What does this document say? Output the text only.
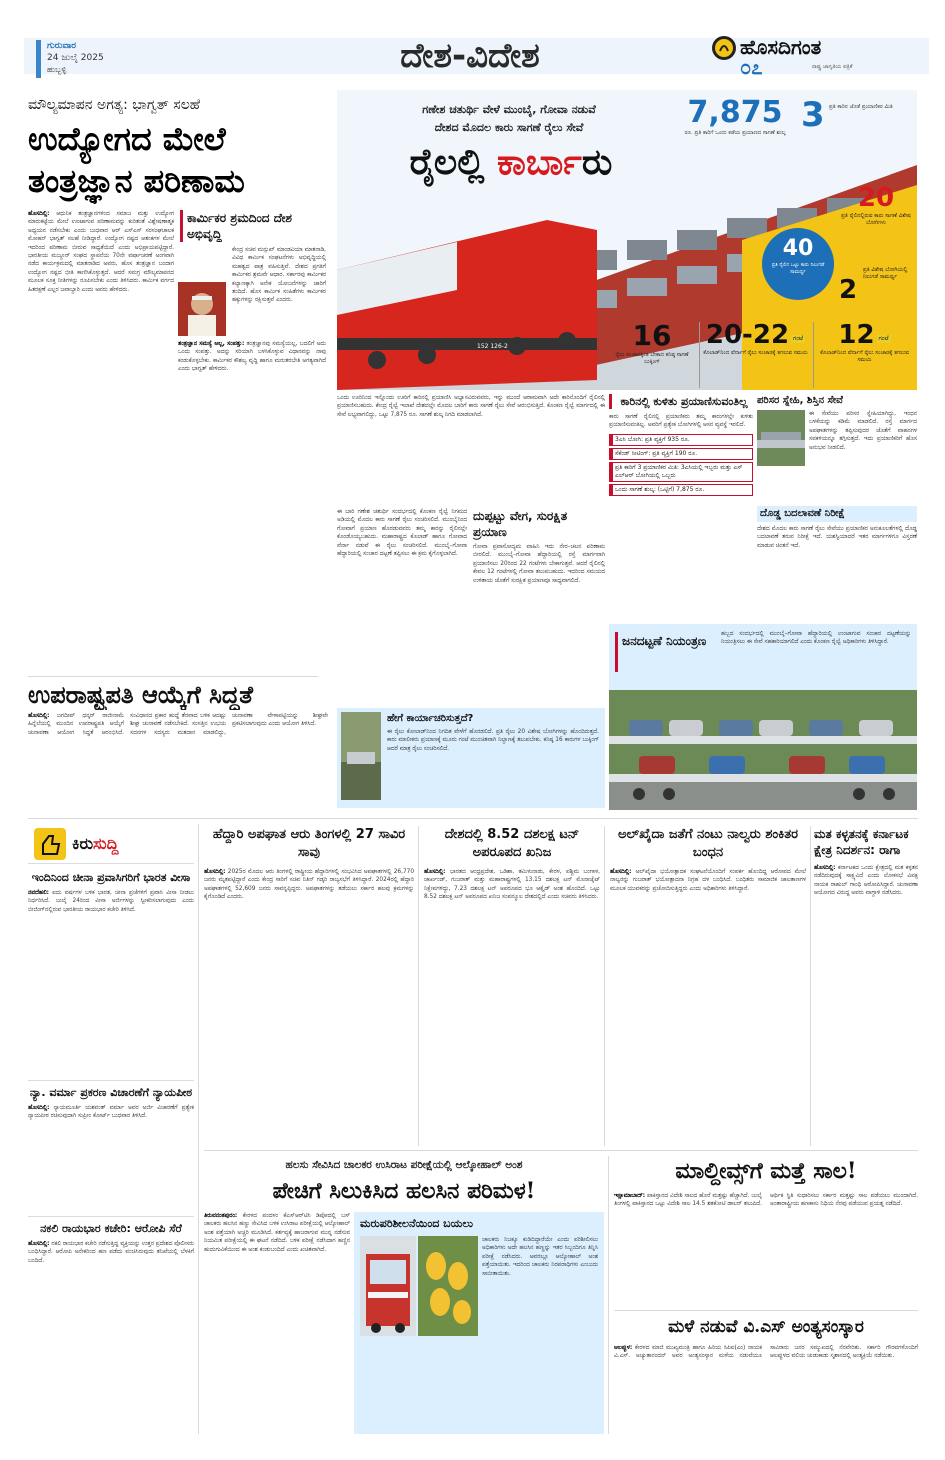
ಗುರುವಾರ
24 ಜುಲೈ 2025
ಹುಬ್ಬಳ್ಳಿ	ದೇಶ-ವಿದೇಶ	ಹೊಸದಿಗಂತ
೦೭	ರಾಷ್ಟ್ರ ಜಾಗೃತಿಯ ಪತ್ರಿಕೆ
ಮೌಲ್ಯಮಾಪನ ಅಗತ್ಯ: ಭಾಗ್ವತ್ ಸಲಹೆ
ಉದ್ಯೋಗದ ಮೇಲೆ ತಂತ್ರಜ್ಞಾನ ಪರಿಣಾಮ

ಹೊಸದಿಲ್ಲಿ: ಆಧುನಿಕ ತಂತ್ರಜ್ಞಾನಗಳಿಂದ ಸಮಾಜ ಮತ್ತು ಉದ್ಯೋಗ ಮಾರುಕಟ್ಟೆಯ ಮೇಲೆ ಉಂಟಾಗುವ ಪರಿಣಾಮವನ್ನು ಕುರಿತಂತೆ ವಿಶ್ಲೇಷಣಾತ್ಮಕ ಅಧ್ಯಯನ ನಡೆಸಬೇಕು ಎಂದು ಬುಧವಾರ ಆರ್ ಎಸ್ಎಸ್ ಸರಸಂಘಚಾಲಕ ಮೋಹನ್ ಭಾಗ್ವತ್ ಸಲಹೆ ನೀಡಿದ್ದಾರೆ. ಉದ್ಯೋಗ ನಷ್ಟದ ಆತಂಕಗಳ ಮೇಲೆ ಇದರಿಂದ ಪರಿಣಾಮ ಬೀರುವ ಸಾಧ್ಯತೆಯಿದೆ ಎಂದು ಅಭಿಪ್ರಾಯಪಟ್ಟಿದ್ದಾರೆ. ಭಾರತೀಯ ಮಜ್ದೂರ್ ಸಂಘದ ಸ್ಥಾಪನೆಯ 70ನೇ ವರ್ಷಾಚರಣೆ ಅಂಗವಾಗಿ ನಡೆದ ಕಾರ್ಯಕ್ರಮದಲ್ಲಿ ಮಾತನಾಡಿದ ಅವರು, ಹೊಸ ತಂತ್ರಜ್ಞಾನ ಬಂದಾಗ ಉದ್ಯೋಗ ನಷ್ಟದ ಭೀತಿ ಕಾಣಿಸಿಕೊಳ್ಳುತ್ತದೆ. ಆದರೆ ಸಮಗ್ರ ಮೌಲ್ಯಮಾಪನದ ಮೂಲಕ ಸೂಕ್ತ ನೀತಿಗಳನ್ನು ರೂಪಿಸಬೇಕು ಎಂದು ತಿಳಿಸಿದರು. ಕಾರ್ಮಿಕ ವರ್ಗದ ಹಿತರಕ್ಷಣೆ ಎಲ್ಲರ ಜವಾಬ್ದಾರಿ ಎಂದು ಅವರು ಹೇಳಿದರು.

ಕಾರ್ಮಿಕರ ಶ್ರಮದಿಂದ ದೇಶ ಅಭಿವೃದ್ಧಿ
ಕೇಂದ್ರ ಸಚಿವ ಮನ್ಸುಖ್ ಮಾಂಡವಿಯಾ ಮಾತನಾಡಿ, ವಿವಿಧ ಕಾರ್ಮಿಕ ಸಂಘಟನೆಗಳು ಅಭಿವೃದ್ಧಿಯಲ್ಲಿ ಮಹತ್ವದ ಪಾತ್ರ ವಹಿಸುತ್ತಿವೆ. ದೇಶದ ಪ್ರಗತಿಗೆ ಕಾರ್ಮಿಕರ ಶ್ರಮವೇ ಆಧಾರ. ಸರ್ಕಾರವು ಕಾರ್ಮಿಕರ ಕಲ್ಯಾಣಕ್ಕಾಗಿ ಅನೇಕ ಯೋಜನೆಗಳನ್ನು ಜಾರಿಗೆ ತಂದಿದೆ. ಹೊಸ ಕಾರ್ಮಿಕ ಸಂಹಿತೆಗಳು ಕಾರ್ಮಿಕರ ಹಕ್ಕುಗಳನ್ನು ರಕ್ಷಿಸುತ್ತವೆ ಎಂದರು.

ತಂತ್ರಜ್ಞಾನ ಸಮಸ್ಯೆ ಅಲ್ಲ, ಸಂಪತ್ತು: ತಂತ್ರಜ್ಞಾನವು ಸಮಸ್ಯೆಯಲ್ಲ, ಬದಲಿಗೆ ಅದು ಒಂದು ಸಂಪತ್ತು. ಅದನ್ನು ಸರಿಯಾಗಿ ಬಳಸಿಕೊಳ್ಳುವ ವಿಧಾನವನ್ನು ನಾವು ಕಂಡುಕೊಳ್ಳಬೇಕು. ಕಾರ್ಮಿಕರ ಕೌಶಲ್ಯ ವೃದ್ಧಿ ಹಾಗೂ ಮರುತರಬೇತಿ ಅಗತ್ಯವಾಗಿದೆ ಎಂದು ಭಾಗ್ವತ್ ಹೇಳಿದರು.

152 126-2
ಗಣೇಶ ಚತುರ್ಥಿ ವೇಳೆ ಮುಂಬೈ, ಗೋವಾ ನಡುವೆ
ದೇಶದ ಮೊದಲ ಕಾರು ಸಾಗಣೆ ರೈಲು ಸೇವೆ
ರೈಲಲ್ಲಿ ಕಾರ್ಬಾರು
7,875
ರೂ. ಪ್ರತಿ ಕಾರಿಗೆ ಒಂದು ಕಡೆಯ ಪ್ರಯಾಣದ ಸಾಗಣೆ ಶುಲ್ಕ 3 ಪ್ರತಿ ಕಾರಿನ ಜೊತೆ ಪ್ರಯಾಣಿಕರ ಮಿತಿ
20
ಪ್ರತಿ ರೈಲಿನಲ್ಲಿರುವ ಕಾರು ಸಾಗಣೆ ವಿಶೇಷ ಬೋಗಿಗಳು
40
ಪ್ರತಿ ರೈಲಿನ ಒಟ್ಟು ಕಾರು ನಿಲುಗಡೆ ಸಾಮರ್ಥ್ಯ
2
ಪ್ರತಿ ವಿಶೇಷ ಬೋಗಿಯಲ್ಲಿ ನಿಲುಗಡೆ ಸಾಮರ್ಥ್ಯ
16
ರೈಲು ಸಂಚಾರಕ್ಕಿಂತ ಬೇಕಾದ ಕನಿಷ್ಠ ಸಾಗಣೆ ಬುಕ್ಕಿಂಗ್
20-22 ಗಂಟೆ
ಕೊಲಾಡ್‌ನಿಂದ ವೆರ್ನಾಗೆ ರೈಲು ಸಂಚಾರಕ್ಕೆ ತಗಲುವ ಸಮಯ
12 ಗಂಟೆ
ಕೊಲಾಡ್‌ನಿಂದ ವೆರ್ನಾಗೆ ರೈಲು ಸಂಚಾರಕ್ಕೆ ತಗಲುವ ಸಮಯ
ಒಂದು ಊರಿನಿಂದ ಇನ್ನೊಂದು ಊರಿಗೆ ಕಾರಿನಲ್ಲಿ ಪ್ರಯಾಣಿಸಿ ಅಭ್ಯಾಸವಿರುವವರು, ಇನ್ನು ಮುಂದೆ ಆರಾಮವಾಗಿ ಅದೇ ಕಾರಿನೊಂದಿಗೆ ರೈಲಿನಲ್ಲಿ ಪ್ರಯಾಣಿಸಬಹುದು. ಕೇಂದ್ರ ರೈಲ್ವೆ ಇಲಾಖೆ ದೇಶದಲ್ಲೇ ಮೊದಲ ಬಾರಿಗೆ ಕಾರು ಸಾಗಣೆ ರೈಲು ಸೇವೆ ಆರಂಭಿಸುತ್ತಿದೆ. ಕೊಂಕಣ ರೈಲ್ವೆ ಮಾರ್ಗದಲ್ಲಿ ಈ ಸೇವೆ ಲಭ್ಯವಾಗಲಿದ್ದು, ಒಟ್ಟು 7,875 ರೂ. ಸಾಗಣೆ ಶುಲ್ಕ ನಿಗದಿ ಮಾಡಲಾಗಿದೆ.
ಈ ಬಾರಿ ಗಣೇಶ ಚತುರ್ಥಿ ಸಂದರ್ಭದಲ್ಲಿ ಕೊಂಕಣ ರೈಲ್ವೆ ನಿಗಮದ ಅಡಿಯಲ್ಲಿ ಮೊದಲ ಕಾರು ಸಾಗಣೆ ರೈಲು ಸಂಚರಿಸಲಿದೆ. ಮುಂಬೈನಿಂದ ಗೋವಾಗೆ ಪ್ರಯಾಣ ಹೊರಡುವವರು ತಮ್ಮ ಕಾರನ್ನು ರೈಲಿನಲ್ಲೇ ಕೊಂಡೊಯ್ಯಬಹುದು. ಮಹಾರಾಷ್ಟ್ರದ ಕೊಲಾಡ್ ಹಾಗೂ ಗೋವಾದ ವೆರ್ನಾ ನಡುವೆ ಈ ರೈಲು ಸಂಚರಿಸಲಿದೆ. ಮುಂಬೈ–ಗೋವಾ ಹೆದ್ದಾರಿಯಲ್ಲಿ ಸಂಚಾರ ದಟ್ಟಣೆ ತಪ್ಪಿಸಲು ಈ ಕ್ರಮ ಕೈಗೊಳ್ಳಲಾಗಿದೆ.
ದುಪ್ಪಟ್ಟು ವೇಗ, ಸುರಕ್ಷಿತ ಪ್ರಯಾಣ
ಗೋವಾ ಪ್ರವಾಸೋದ್ಯಮ ವಾಹಿನಿ ಇದು ನೇರ–ಚಲನ ಪರಿಣಾಮ ಬೀರಲಿದೆ. ಮುಂಬೈ–ಗೋವಾ ಹೆದ್ದಾರಿಯಲ್ಲಿ ರಸ್ತೆ ಮಾರ್ಗವಾಗಿ ಪ್ರಯಾಣಿಸಲು 20ರಿಂದ 22 ಗಂಟೆಗಳು ಬೇಕಾಗುತ್ತವೆ. ಆದರೆ ರೈಲಿನಲ್ಲಿ ಕೇವಲ 12 ಗಂಟೆಗಳಲ್ಲಿ ಗೋವಾ ತಲುಪಬಹುದು. ಇದರಿಂದ ಸಮಯದ ಉಳಿತಾಯ ಜೊತೆಗೆ ಸುರಕ್ಷಿತ ಪ್ರಯಾಣವೂ ಸಾಧ್ಯವಾಗಲಿದೆ.
ಹೇಗೆ ಕಾರ್ಯಾಚರಿಸುತ್ತದೆ?
ಈ ರೈಲು ಕೋಲಾಡ್‌ನಿಂದ ನಿಗದಿತ ವೇಳೆಗೆ ಹೊರಡಲಿದೆ. ಪ್ರತಿ ರೈಲು 20 ವಿಶೇಷ ಬೋಗಿಗಳನ್ನು ಹೊಂದಿರುತ್ತದೆ. ಕಾರು ಮಾಲೀಕರು ಪ್ರಯಾಣಕ್ಕೆ ಮೂರು ಗಂಟೆ ಮುಂಚಿತವಾಗಿ ನಿಲ್ದಾಣಕ್ಕೆ ತಲುಪಬೇಕು. ಕನಿಷ್ಠ 16 ಕಾರುಗಳ ಬುಕ್ಕಿಂಗ್ ಆದರೆ ಮಾತ್ರ ರೈಲು ಸಂಚರಿಸಲಿದೆ.
ಕಾರಿನಲ್ಲಿ ಕುಳಿತು ಪ್ರಯಾಣಿಸುವಂತಿಲ್ಲ
ಕಾರು ಸಾಗಣೆ ರೈಲಿನಲ್ಲಿ ಪ್ರಯಾಣಿಕರು ತಮ್ಮ ಕಾರುಗಳಲ್ಲೇ ಕುಳಿತು ಪ್ರಯಾಣಿಸುವಂತಿಲ್ಲ. ಅವರಿಗೆ ಪ್ರತ್ಯೇಕ ಬೋಗಿಗಳಲ್ಲಿ ಆಸನ ವ್ಯವಸ್ಥೆ ಇರಲಿದೆ.
3ಎಸಿ ಬೋಗಿ: ಪ್ರತಿ ವ್ಯಕ್ತಿಗೆ 935 ರೂ.
ಸೆಕೆಂಡ್ ಸೀಟಿಂಗ್: ಪ್ರತಿ ವ್ಯಕ್ತಿಗೆ 190 ರೂ.
ಪ್ರತಿ ಕಾರಿಗೆ 3 ಪ್ರಯಾಣಿಕರ ಮಿತಿ: 3ಎಸಿಯಲ್ಲಿ ಇಬ್ಬರು ಮತ್ತು ಎಸ್ ಎಲ್‌ಆರ್ ಬೋಗಿಯಲ್ಲಿ ಒಬ್ಬರು
ಒಂದು ಸಾಗಣೆ ಶುಲ್ಕ: (ಒಟ್ಟಿಗೆ) 7,875 ರೂ.
ಪರಿಸರ ಸ್ನೇಹಿ, ಶಿಸ್ತಿನ ಸೇವೆ
ಈ ಸೇವೆಯು ಪರಿಸರ ಸ್ನೇಹಿಯಾಗಿದ್ದು, ಇಂಧನ ಬಳಕೆಯನ್ನು ಕಡಿಮೆ ಮಾಡಲಿದೆ. ರಸ್ತೆ ಮಾರ್ಗದ ಅಪಘಾತಗಳನ್ನು ತಪ್ಪಿಸುವುದರ ಜೊತೆಗೆ ವಾಹನಗಳ ಸವಕಳಿಯನ್ನೂ ತಗ್ಗಿಸುತ್ತದೆ. ಇದು ಪ್ರಯಾಣಿಕರಿಗೆ ಹೊಸ ಅನುಭವ ನೀಡಲಿದೆ.
ದೊಡ್ಡ ಬದಲಾವಣೆ ನಿರೀಕ್ಷೆ
ದೇಶದ ಮೊದಲ ಕಾರು ಸಾಗಣೆ ರೈಲು ಸೇವೆಯು ಪ್ರಯಾಣಿಕರ ಅನುಕೂಲತೆಗಳಲ್ಲಿ ದೊಡ್ಡ ಬದಲಾವಣೆ ತರುವ ನಿರೀಕ್ಷೆ ಇದೆ. ಯಶಸ್ವಿಯಾದರೆ ಇತರ ಮಾರ್ಗಗಳಿಗೂ ವಿಸ್ತರಣೆ ಮಾಡುವ ಚಿಂತನೆ ಇದೆ.
ಜನದಟ್ಟಣೆ ನಿಯಂತ್ರಣ	ಹಬ್ಬದ ಸಂದರ್ಭದಲ್ಲಿ ಮುಂಬೈ–ಗೋವಾ ಹೆದ್ದಾರಿಯಲ್ಲಿ ಉಂಟಾಗುವ ಸಂಚಾರ ದಟ್ಟಣೆಯನ್ನು ನಿಯಂತ್ರಿಸಲು ಈ ಸೇವೆ ಸಹಕಾರಿಯಾಗಲಿದೆ ಎಂದು ಕೊಂಕಣ ರೈಲ್ವೆ ಅಧಿಕಾರಿಗಳು ತಿಳಿಸಿದ್ದಾರೆ.
ಉಪರಾಷ್ಟ್ರಪತಿ ಆಯ್ಕೆಗೆ ಸಿದ್ಧತೆ
ಹೊಸದಿಲ್ಲಿ: ಜಗದೀಪ್ ಧನ್ಕರ್ ರಾಜೀನಾಮೆ ಹಿನ್ನೆಲೆಯಲ್ಲಿ ಮುಂದಿನ ಉಪರಾಷ್ಟ್ರಪತಿ ಆಯ್ಕೆಗೆ ಚುನಾವಣಾ ಆಯೋಗ ಸಿದ್ಧತೆ ಆರಂಭಿಸಿದೆ. ಸಂವಿಧಾನದ ಪ್ರಕಾರ ಹುದ್ದೆ ತೆರವಾದ ಬಳಿಕ ಆದಷ್ಟು ಶೀಘ್ರ ಚುನಾವಣೆ ನಡೆಸಬೇಕಿದೆ. ಸಂಸತ್ತಿನ ಉಭಯ ಸದನಗಳ ಸದಸ್ಯರು ಮತದಾನ ಮಾಡಲಿದ್ದು, ಚುನಾವಣಾ ವೇಳಾಪಟ್ಟಿಯನ್ನು ಶೀಘ್ರವೇ ಪ್ರಕಟಿಸಲಾಗುವುದು ಎಂದು ಆಯೋಗ ತಿಳಿಸಿದೆ.
ಕಿರುಸುದ್ದಿ
ಇಂದಿನಿಂದ ಚೀನಾ ಪ್ರವಾಸಿಗರಿಗೆ ಭಾರತ ವೀಸಾ

ನವದೆಹಲಿ: ಐದು ವರ್ಷಗಳ ಬಳಿಕ ಭಾರತ, ಚೀನಾ ಪ್ರಜೆಗಳಿಗೆ ಪ್ರವಾಸಿ ವೀಸಾ ನೀಡಲು ನಿರ್ಧರಿಸಿದೆ. ಜುಲೈ 24ರಿಂದ ವೀಸಾ ಅರ್ಜಿಗಳನ್ನು ಸ್ವೀಕರಿಸಲಾಗುವುದು ಎಂದು ಬೀಜಿಂಗ್‌ನಲ್ಲಿರುವ ಭಾರತೀಯ ರಾಯಭಾರ ಕಚೇರಿ ತಿಳಿಸಿದೆ.

ನ್ಯಾ. ವರ್ಮಾ ಪ್ರಕರಣ ವಿಚಾರಣೆಗೆ ನ್ಯಾಯಪೀಠ

ಹೊಸದಿಲ್ಲಿ: ನ್ಯಾಯಮೂರ್ತಿ ಯಶವಂತ್ ವರ್ಮಾ ಅವರ ಅರ್ಜಿ ವಿಚಾರಣೆಗೆ ಪ್ರತ್ಯೇಕ ನ್ಯಾಯಪೀಠ ರಚಿಸುವುದಾಗಿ ಸುಪ್ರೀಂ ಕೋರ್ಟ್ ಬುಧವಾರ ತಿಳಿಸಿದೆ.

ನಕಲಿ ರಾಯಭಾರ ಕಚೇರಿ: ಆರೋಪಿ ಸೆರೆ

ಹೊಸದಿಲ್ಲಿ: ನಕಲಿ ರಾಯಭಾರ ಕಚೇರಿ ನಡೆಸುತ್ತಿದ್ದ ವ್ಯಕ್ತಿಯನ್ನು ಉತ್ತರ ಪ್ರದೇಶದ ಪೊಲೀಸರು ಬಂಧಿಸಿದ್ದಾರೆ. ಆರೋಪಿ ಅನೇಕರಿಂದ ಹಣ ಪಡೆದು ವಂಚಿಸಿರುವುದು ತನಿಖೆಯಲ್ಲಿ ಬೆಳಕಿಗೆ ಬಂದಿದೆ.

ಹೆದ್ದಾರಿ ಅಪಘಾತ ಆರು ತಿಂಗಳಲ್ಲಿ 27 ಸಾವಿರ ಸಾವು

ಹೊಸದಿಲ್ಲಿ: 2025ರ ಮೊದಲ ಆರು ತಿಂಗಳಲ್ಲಿ ರಾಷ್ಟ್ರೀಯ ಹೆದ್ದಾರಿಗಳಲ್ಲಿ ಸಂಭವಿಸಿದ ಅಪಘಾತಗಳಲ್ಲಿ 26,770 ಜನರು ಮೃತಪಟ್ಟಿದ್ದಾರೆ ಎಂದು ಕೇಂದ್ರ ಸಾರಿಗೆ ಸಚಿವ ನಿತಿನ್ ಗಡ್ಕರಿ ರಾಜ್ಯಸಭೆಗೆ ತಿಳಿಸಿದ್ದಾರೆ. 2024ರಲ್ಲಿ ಹೆದ್ದಾರಿ ಅಪಘಾತಗಳಲ್ಲಿ 52,609 ಜನರು ಸಾವನ್ನಪ್ಪಿದ್ದರು. ಅಪಘಾತಗಳನ್ನು ತಡೆಯಲು ಸರ್ಕಾರ ಹಲವು ಕ್ರಮಗಳನ್ನು ಕೈಗೊಂಡಿದೆ ಎಂದರು.

ದೇಶದಲ್ಲಿ 8.52 ದಶಲಕ್ಷ ಟನ್ ಅಪರೂಪದ ಖನಿಜ

ಹೊಸದಿಲ್ಲಿ: ಭಾರತದ ಆಂಧ್ರಪ್ರದೇಶ, ಒಡಿಶಾ, ತಮಿಳುನಾಡು, ಕೇರಳ, ಪಶ್ಚಿಮ ಬಂಗಾಳ, ಜಾರ್ಖಂಡ್, ಗುಜರಾತ್ ಮತ್ತು ಮಹಾರಾಷ್ಟ್ರಗಳಲ್ಲಿ 13.15 ದಶಲಕ್ಷ ಟನ್ ಮೊನಾಜೈಟ್ ನಿಕ್ಷೇಪಗಳಿದ್ದು, 7.23 ದಶಲಕ್ಷ ಟನ್ ಅಪರೂಪದ ಭೂ ಆಕ್ಸೈಡ್ ಅಂಶ ಹೊಂದಿದೆ. ಒಟ್ಟು 8.52 ದಶಲಕ್ಷ ಟನ್ ಅಪರೂಪದ ಖನಿಜ ಸಂಪನ್ಮೂಲ ದೇಶದಲ್ಲಿದೆ ಎಂದು ಸಚಿವರು ತಿಳಿಸಿದರು.

ಅಲ್‌ಖೈದಾ ಜತೆಗೆ ನಂಟು ನಾಲ್ವರು ಶಂಕಿತರ ಬಂಧನ

ಹೊಸದಿಲ್ಲಿ: ಅಲ್‌ಖೈದಾ ಭಯೋತ್ಪಾದಕ ಸಂಘಟನೆಯೊಂದಿಗೆ ಸಂಪರ್ಕ ಹೊಂದಿದ್ದ ಆರೋಪದ ಮೇಲೆ ನಾಲ್ವರನ್ನು ಗುಜರಾತ್ ಭಯೋತ್ಪಾದನಾ ನಿಗ್ರಹ ದಳ ಬಂಧಿಸಿದೆ. ಬಂಧಿತರು ಸಾಮಾಜಿಕ ಜಾಲತಾಣಗಳ ಮೂಲಕ ಯುವಕರನ್ನು ಪ್ರಚೋದಿಸುತ್ತಿದ್ದರು ಎಂದು ಅಧಿಕಾರಿಗಳು ತಿಳಿಸಿದ್ದಾರೆ.

ಮತ ಕಳ್ಳತನಕ್ಕೆ ಕರ್ನಾಟಕ ಕ್ಷೇತ್ರ ನಿದರ್ಶನ: ರಾಗಾ

ಹೊಸದಿಲ್ಲಿ: ಕರ್ನಾಟಕದ ಒಂದು ಕ್ಷೇತ್ರದಲ್ಲಿ ಮತ ಕಳ್ಳತನ ನಡೆದಿರುವುದಕ್ಕೆ ಸಾಕ್ಷ್ಯವಿದೆ ಎಂದು ಲೋಕಸಭೆ ವಿಪಕ್ಷ ನಾಯಕ ರಾಹುಲ್ ಗಾಂಧಿ ಆರೋಪಿಸಿದ್ದಾರೆ. ಚುನಾವಣಾ ಆಯೋಗದ ವಿರುದ್ಧ ಅವರು ವಾಗ್ದಾಳಿ ನಡೆಸಿದರು.

ಹಲಸು ಸೇವಿಸಿದ ಚಾಲಕರ ಉಸಿರಾಟ ಪರೀಕ್ಷೆಯಲ್ಲಿ ಆಲ್ಕೋಹಾಲ್ ಅಂಶ
ಪೇಚಿಗೆ ಸಿಲುಕಿಸಿದ ಹಲಸಿನ ಪರಿಮಳ!

ತಿರುವನಂತಪುರಂ: ಕೇರಳದ ಪಂದಳಂ ಕೆಎಸ್ಆರ್‌ಟಿಸಿ ಡಿಪೋದಲ್ಲಿ ಬಸ್ ಚಾಲಕರು ಹಲಸಿನ ಹಣ್ಣು ಸೇವಿಸಿದ ಬಳಿಕ ಉಸಿರಾಟ ಪರೀಕ್ಷೆಯಲ್ಲಿ ಆಲ್ಕೋಹಾಲ್ ಅಂಶ ಪತ್ತೆಯಾಗಿ ಅಚ್ಚರಿ ಮೂಡಿಸಿದೆ. ಕರ್ತವ್ಯಕ್ಕೆ ಹಾಜರಾಗುವ ಮುನ್ನ ನಡೆಸುವ ನಿಯಮಿತ ಪರೀಕ್ಷೆಯಲ್ಲಿ ಈ ಘಟನೆ ನಡೆದಿದೆ. ಬಳಿಕ ಪರೀಕ್ಷೆ ನಡೆಸಿದಾಗ ಹಣ್ಣಿನ ಹುದುಗುವಿಕೆಯಿಂದ ಈ ಅಂಶ ಕಂಡುಬಂದಿದೆ ಎಂದು ಖಚಿತವಾಗಿದೆ.

ಮರುಪರಿಶೀಲನೆಯಿಂದ ಬಯಲು
ಚಾಲಕರು ನಿಜಕ್ಕೂ ಕುಡಿದಿದ್ದಾರೆಯೇ ಎಂದು ಪರಿಶೀಲಿಸಲು ಅಧಿಕಾರಿಗಳು ಅದೇ ಹಲಸಿನ ಹಣ್ಣನ್ನು ಇತರ ಸಿಬ್ಬಂದಿಗೂ ತಿನ್ನಿಸಿ ಪರೀಕ್ಷೆ ನಡೆಸಿದರು. ಅವರಲ್ಲೂ ಆಲ್ಕೋಹಾಲ್ ಅಂಶ ಪತ್ತೆಯಾಯಿತು. ಇದರಿಂದ ಚಾಲಕರು ನಿರಪರಾಧಿಗಳು ಎಂಬುದು ಸಾಬೀತಾಯಿತು.
ಮಾಲ್ದೀವ್ಸ್‌ಗೆ ಮತ್ತೆ ಸಾಲ!
ಇಸ್ಲಾಮಾಬಾದ್: ಪಾಕಿಸ್ತಾನದ ವಿದೇಶಿ ಸಾಲದ ಹೊರೆ ಮತ್ತಷ್ಟು ಹೆಚ್ಚಾಗಿದೆ. ಜುಲೈ ತಿಂಗಳಲ್ಲಿ ಪಾಕಿಸ್ತಾನದ ಒಟ್ಟು ವಿದೇಶಿ ಸಾಲ 14.5 ಶತಕೋಟಿ ಡಾಲರ್ ತಲುಪಿದೆ. ಆರ್ಥಿಕ ಸ್ಥಿತಿ ಸುಧಾರಿಸಲು ಸರ್ಕಾರ ಮತ್ತಷ್ಟು ಸಾಲ ಪಡೆಯಲು ಮುಂದಾಗಿದೆ. ಅಂತಾರಾಷ್ಟ್ರೀಯ ಹಣಕಾಸು ನಿಧಿಯ ನೆರವು ಪಡೆಯುವ ಪ್ರಯತ್ನ ನಡೆದಿದೆ.
ಮಳೆ ನಡುವೆ ವಿ.ಎಸ್ ಅಂತ್ಯಸಂಸ್ಕಾರ
ಆಲಪ್ಪುಳ: ಕೇರಳದ ಮಾಜಿ ಮುಖ್ಯಮಂತ್ರಿ ಹಾಗೂ ಹಿರಿಯ ಸಿಪಿಐ(ಎಂ) ನಾಯಕ ವಿ.ಎಸ್. ಅಚ್ಯುತಾನಂದನ್ ಅವರ ಅಂತ್ಯಸಂಸ್ಕಾರ ಮಳೆಯ ನಡುವೆಯೂ ಸಾವಿರಾರು ಜನರ ಸಮ್ಮುಖದಲ್ಲಿ ನೆರವೇರಿತು. ಸರ್ಕಾರಿ ಗೌರವಗಳೊಂದಿಗೆ ಆಲಪ್ಪುಳದ ವಲಿಯ ಚುಡುಕಾಡು ಸ್ಮಶಾನದಲ್ಲಿ ಅಂತ್ಯಕ್ರಿಯೆ ನಡೆಯಿತು.
